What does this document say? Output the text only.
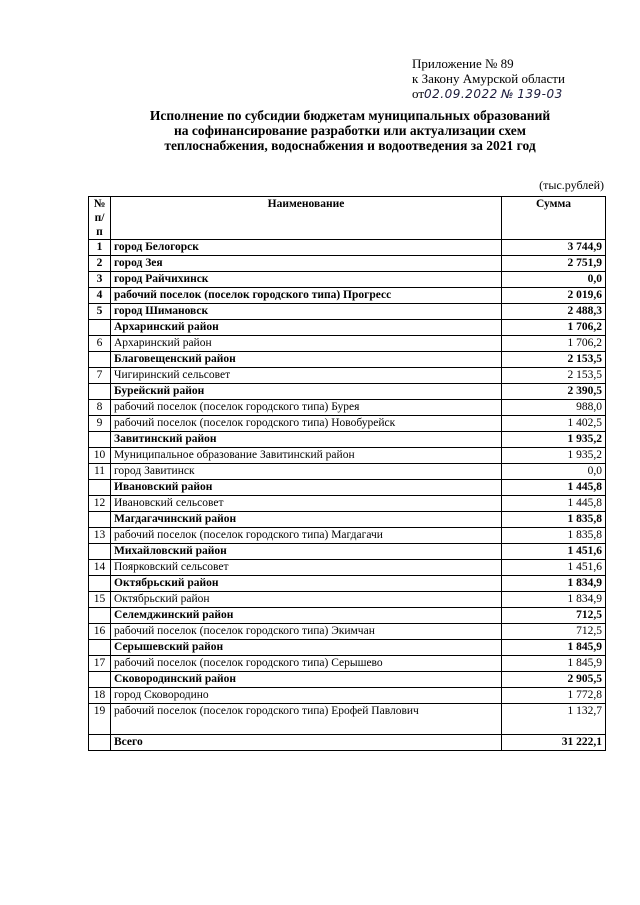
Приложение № 89
к Закону Амурской области
от02.09.2022 № 139-03
Исполнение по субсидии бюджетам муниципальных образований
на софинансирование разработки или актуализации схем
теплоснабжения, водоснабжения и водоотведения за 2021 год
(тыс.рублей)
№ п/п	Наименование	Сумма
1	город Белогорск	3 744,9
2	город Зея	2 751,9
3	город Райчихинск	0,0
4	рабочий поселок (поселок городского типа) Прогресс	2 019,6
5	город Шимановск	2 488,3
	Архаринский район	1 706,2
6	Архаринский район	1 706,2
	Благовещенский район	2 153,5
7	Чигиринский сельсовет	2 153,5
	Бурейский район	2 390,5
8	рабочий поселок (поселок городского типа) Бурея	988,0
9	рабочий поселок (поселок городского типа) Новобурейск	1 402,5
	Завитинский район	1 935,2
10	Муниципальное образование Завитинский район	1 935,2
11	город Завитинск	0,0
	Ивановский район	1 445,8
12	Ивановский сельсовет	1 445,8
	Магдагачинский район	1 835,8
13	рабочий поселок (поселок городского типа) Магдагачи	1 835,8
	Михайловский район	1 451,6
14	Поярковский сельсовет	1 451,6
	Октябрьский район	1 834,9
15	Октябрьский район	1 834,9
	Селемджинский район	712,5
16	рабочий поселок (поселок городского типа) Экимчан	712,5
	Серышевский район	1 845,9
17	рабочий поселок (поселок городского типа) Серышево	1 845,9
	Сковородинский район	2 905,5
18	город Сковородино	1 772,8
19	рабочий поселок (поселок городского типа) Ерофей Павлович	1 132,7
	Всего	31 222,1
